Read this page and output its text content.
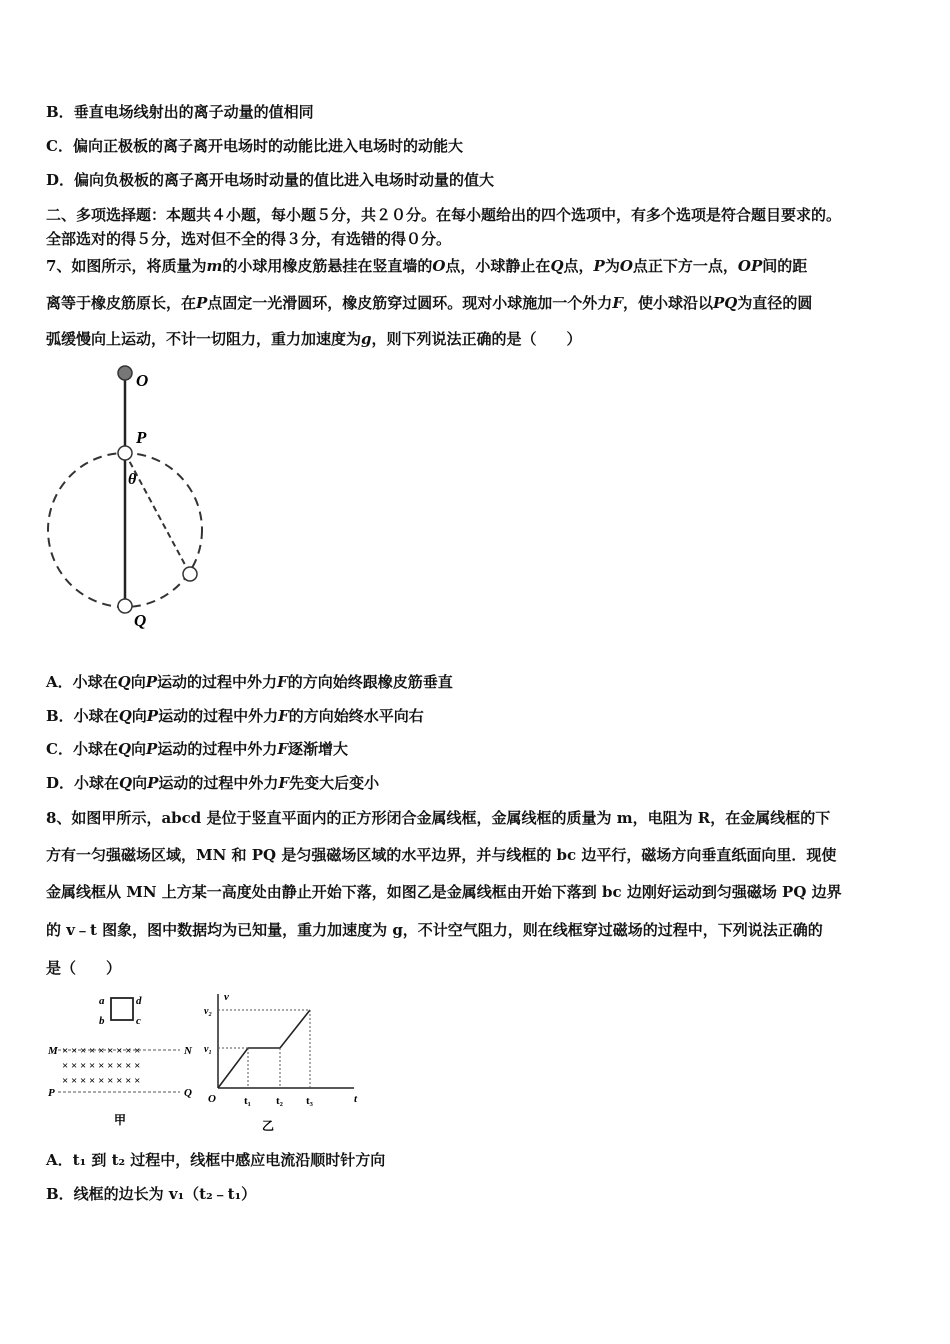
B．垂直电场线射出的离子动量的值相同
C．偏向正极板的离子离开电场时的动能比进入电场时的动能大
D．偏向负极板的离子离开电场时动量的值比进入电场时动量的值大
二、多项选择题：本题共４小题，每小题５分，共２０分。在每小题给出的四个选项中，有多个选项是符合题目要求的。
全部选对的得５分，选对但不全的得３分，有选错的得０分。
7、如图所示，将质量为m的小球用橡皮筋悬挂在竖直墙的O点，小球静止在Q点，P为O点正下方一点，OP间的距
离等于橡皮筋原长，在P点固定一光滑圆环，橡皮筋穿过圆环。现对小球施加一个外力F，使小球沿以PQ为直径的圆
弧缓慢向上运动，不计一切阻力，重力加速度为g，则下列说法正确的是（　　）
O
P
θ
Q
A．小球在Q向P运动的过程中外力F的方向始终跟橡皮筋垂直
B．小球在Q向P运动的过程中外力F的方向始终水平向右
C．小球在Q向P运动的过程中外力F逐渐增大
D．小球在Q向P运动的过程中外力F先变大后变小
8、如图甲所示，abcd 是位于竖直平面内的正方形闭合金属线框，金属线框的质量为 m，电阻为 R，在金属线框的下
方有一匀强磁场区域，MN 和 PQ 是匀强磁场区域的水平边界，并与线框的 bc 边平行，磁场方向垂直纸面向里．现使
金属线框从 MN 上方某一高度处由静止开始下落，如图乙是金属线框由开始下落到 bc 边刚好运动到匀强磁场 PQ 边界
的 v﹣t 图象，图中数据均为已知量，重力加速度为 g，不计空气阻力，则在线框穿过磁场的过程中，下列说法正确的
是（　　）
a
b	c
d
M	N
P	Q
× × × × × × × × ×
× × × × × × × × ×
× × × × × × × × ×
甲
v
t
O
v₁
v₂
t₁ t₂ t₃
乙
A．t₁ 到 t₂ 过程中，线框中感应电流沿顺时针方向
B．线框的边长为 v₁（t₂﹣t₁）
